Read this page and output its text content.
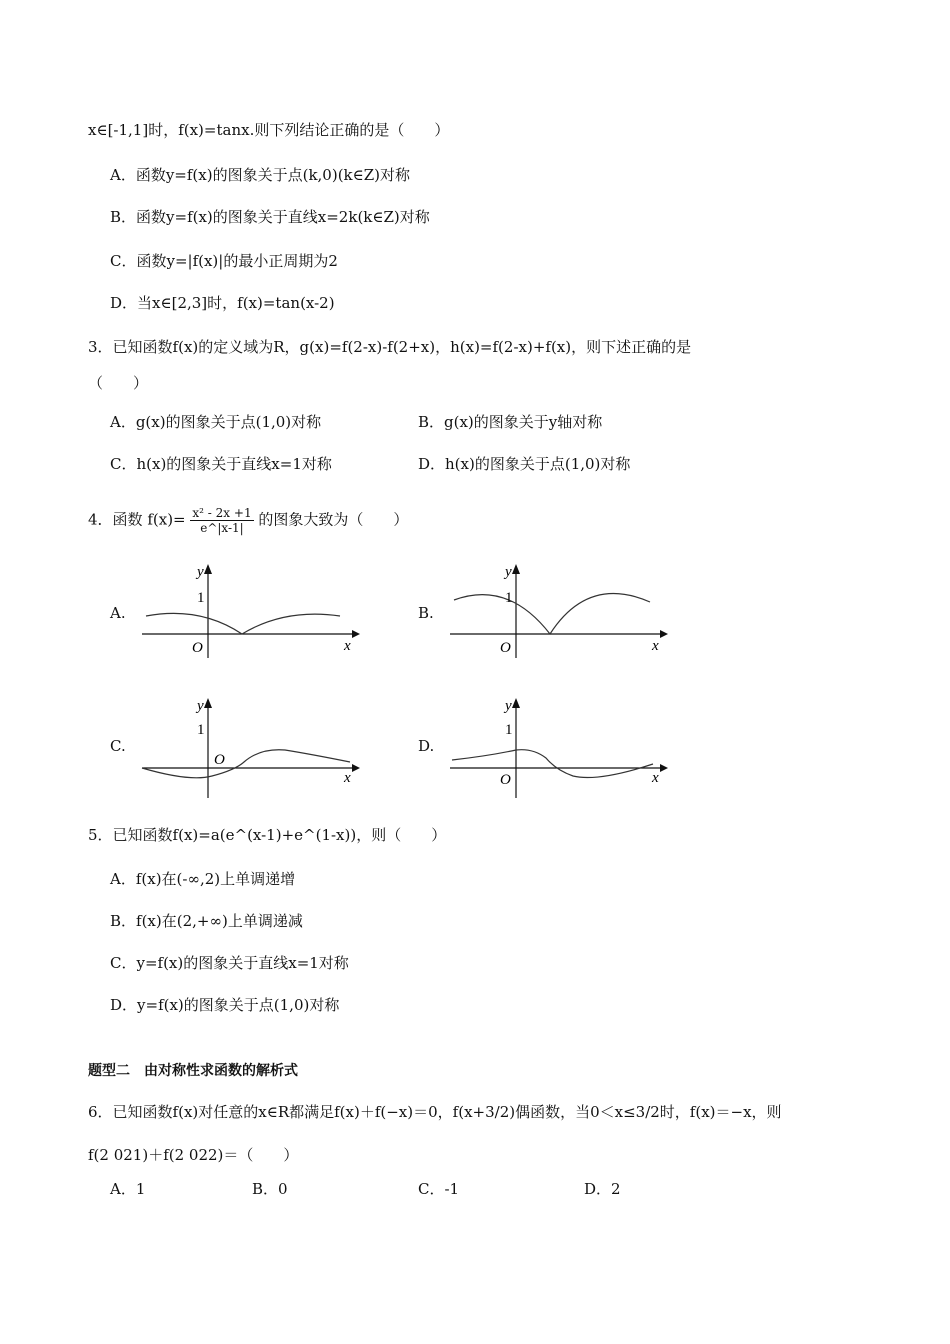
x∈[-1,1]时，f(x)=tanx.则下列结论正确的是（　　）
A．函数y=f(x)的图象关于点(k,0)(k∈Z)对称
B．函数y=f(x)的图象关于直线x=2k(k∈Z)对称
C．函数y=|f(x)|的最小正周期为2
D．当x∈[2,3]时，f(x)=tan(x-2)
3．已知函数f(x)的定义域为R，g(x)=f(2-x)-f(2+x)，h(x)=f(2-x)+f(x)，则下述正确的是
（　　）
A．g(x)的图象关于点(1,0)对称	B．g(x)的图象关于y轴对称
C．h(x)的图象关于直线x=1对称	D．h(x)的图象关于点(1,0)对称
4．函数 $f(x)= \frac{\text{x² - 2x +1}}{e\^{}|x-1|}$ 的图象大致为（　　）
A.
y
1
O	x
B.
y
1
O	x
C.
y
1
O
x
D.
y
1
O	x
5．已知函数f(x)=a(e^(x-1)+e^(1-x))，则（　　）
A．f(x)在(-∞,2)上单调递增
B．f(x)在(2,+∞)上单调递减
C．y=f(x)的图象关于直线x=1对称
D．y=f(x)的图象关于点(1,0)对称
题型二　由对称性求函数的解析式
6．已知函数f(x)对任意的x∈R都满足f(x)＋f(−x)＝0，f(x+3/2)偶函数，当0＜x≤3/2时，f(x)＝−x，则
f(2 021)＋f(2 022)＝（　　）
A．1	B．0	C．-1	D．2
